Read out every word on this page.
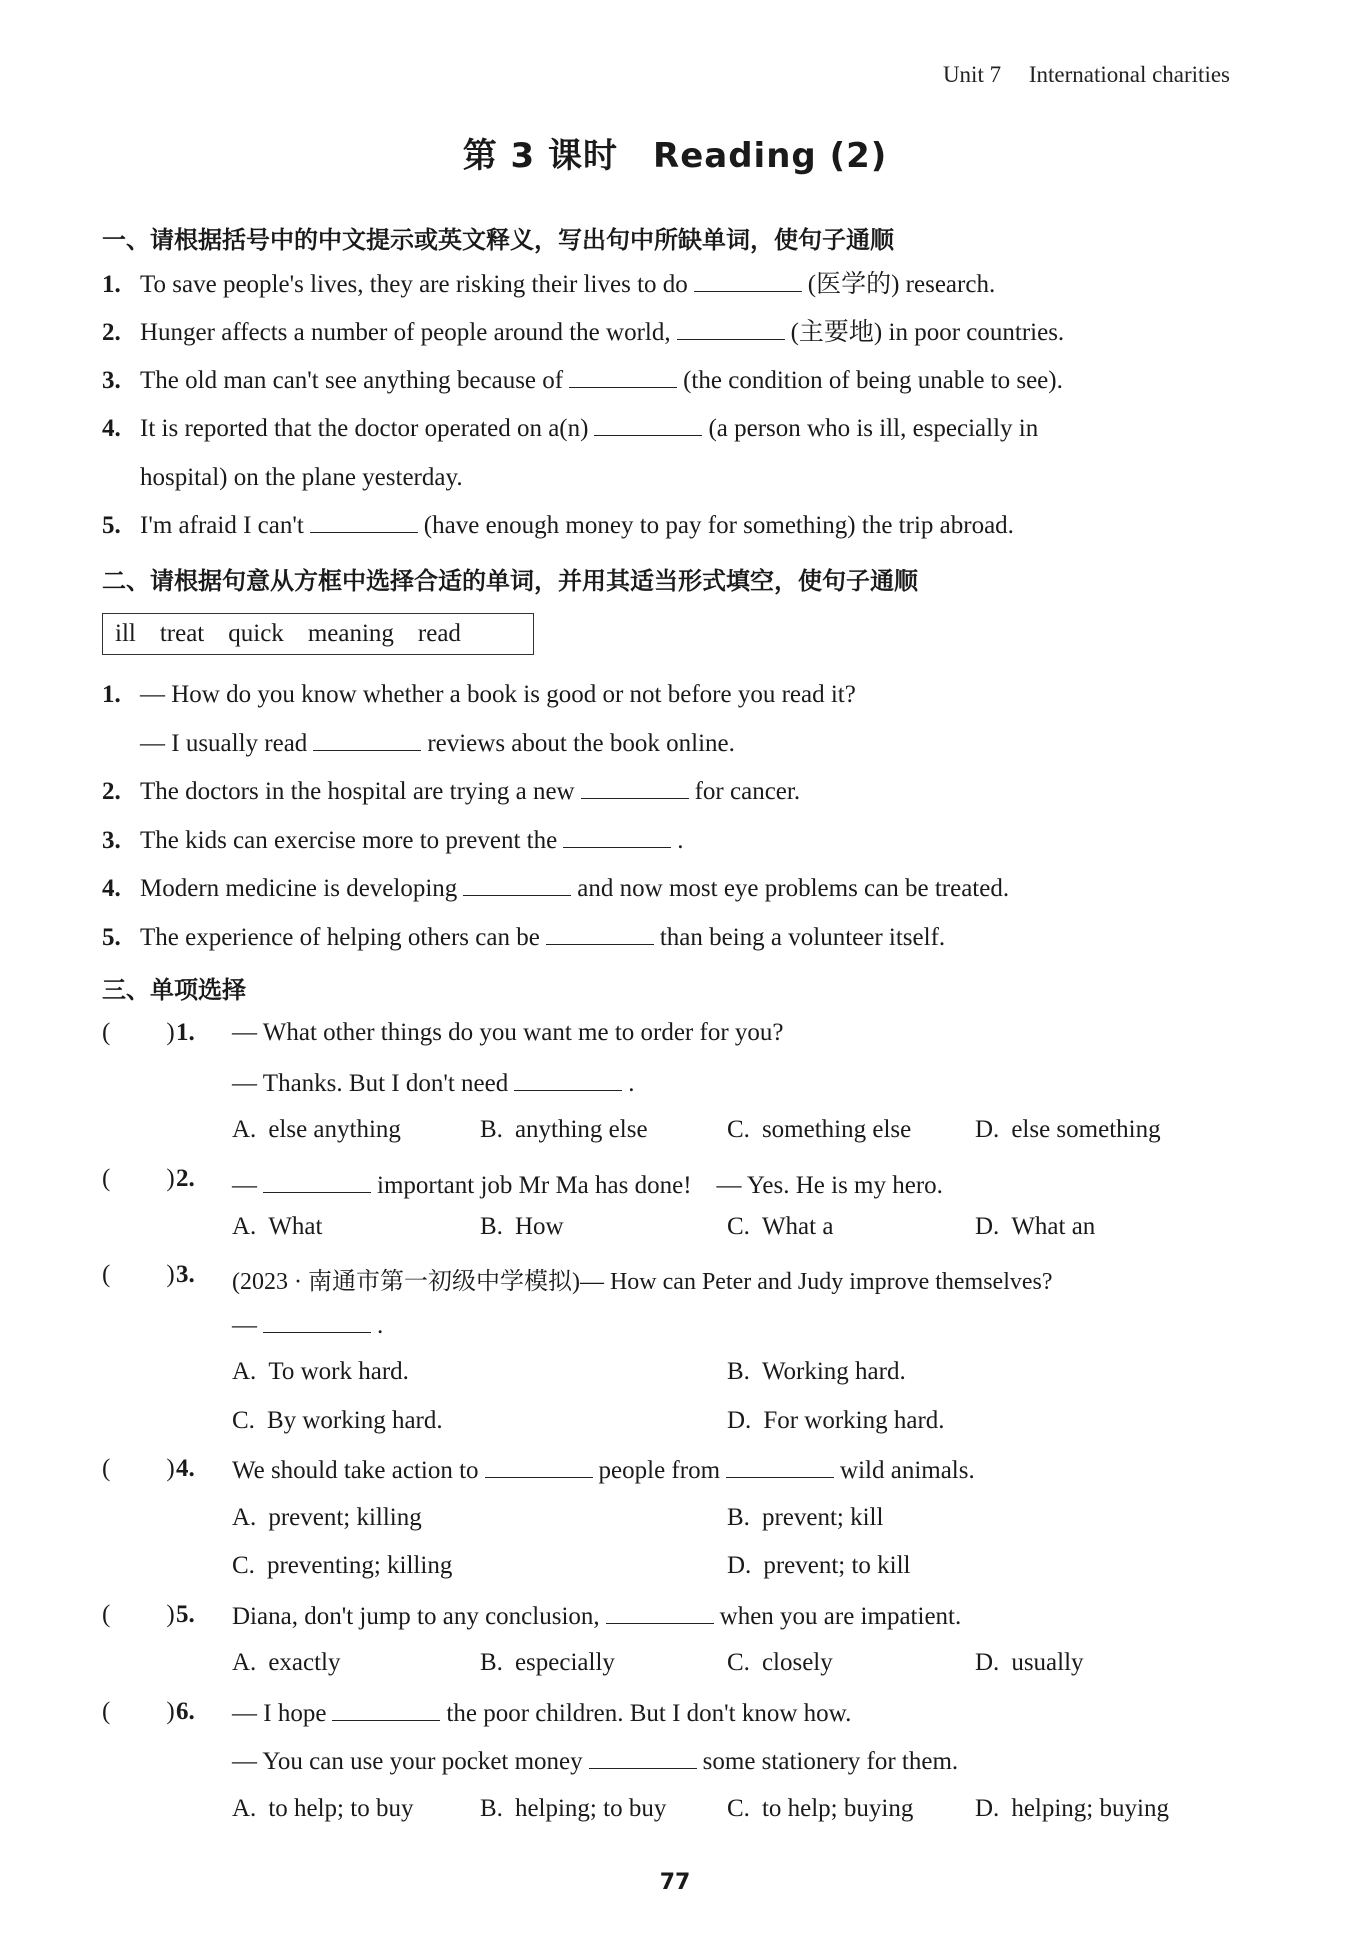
Unit 7 International charities
第 3 课时　Reading (2)
一、请根据括号中的中文提示或英文释义，写出句中所缺单词，使句子通顺
1. To save people's lives, they are risking their lives to do	(医学的) research.
2. Hunger affects a number of people around the world,	(主要地) in poor countries.
3. The old man can't see anything because of	(the condition of being unable to see).
4. It is reported that the doctor operated on a(n)	(a person who is ill, especially in
hospital) on the plane yesterday.
5. I'm afraid I can't	(have enough money to pay for something) the trip abroad.
二、请根据句意从方框中选择合适的单词，并用其适当形式填空，使句子通顺
ill treat quick meaning read
1. — How do you know whether a book is good or not before you read it?
— I usually read	reviews about the book online.
2. The doctors in the hospital are trying a new	for cancer.
3. The kids can exercise more to prevent the	.
4. Modern medicine is developing	and now most eye problems can be treated.
5. The experience of helping others can be	than being a volunteer itself.
三、单项选择
( ) 1. — What other things do you want me to order for you?
— Thanks. But I don't need	.
A. else anything	B. anything else	C. something else	D. else something
( ) 2. —	important job Mr Ma has done!　— Yes. He is my hero.
A. What	B. How	C. What a	D. What an
( ) 3. (2023 · 南通市第一初级中学模拟)— How can Peter and Judy improve themselves?
—	.
A. To work hard.	B. Working hard.
C. By working hard.	D. For working hard.
( ) 4. We should take action to	people from	wild animals.
A. prevent; killing	B. prevent; kill
C. preventing; killing	D. prevent; to kill
( ) 5. Diana, don't jump to any conclusion,	when you are impatient.
A. exactly	B. especially	C. closely	D. usually
( ) 6. — I hope	the poor children. But I don't know how.
— You can use your pocket money	some stationery for them.
A. to help; to buy	B. helping; to buy C. to help; buying D. helping; buying
77
